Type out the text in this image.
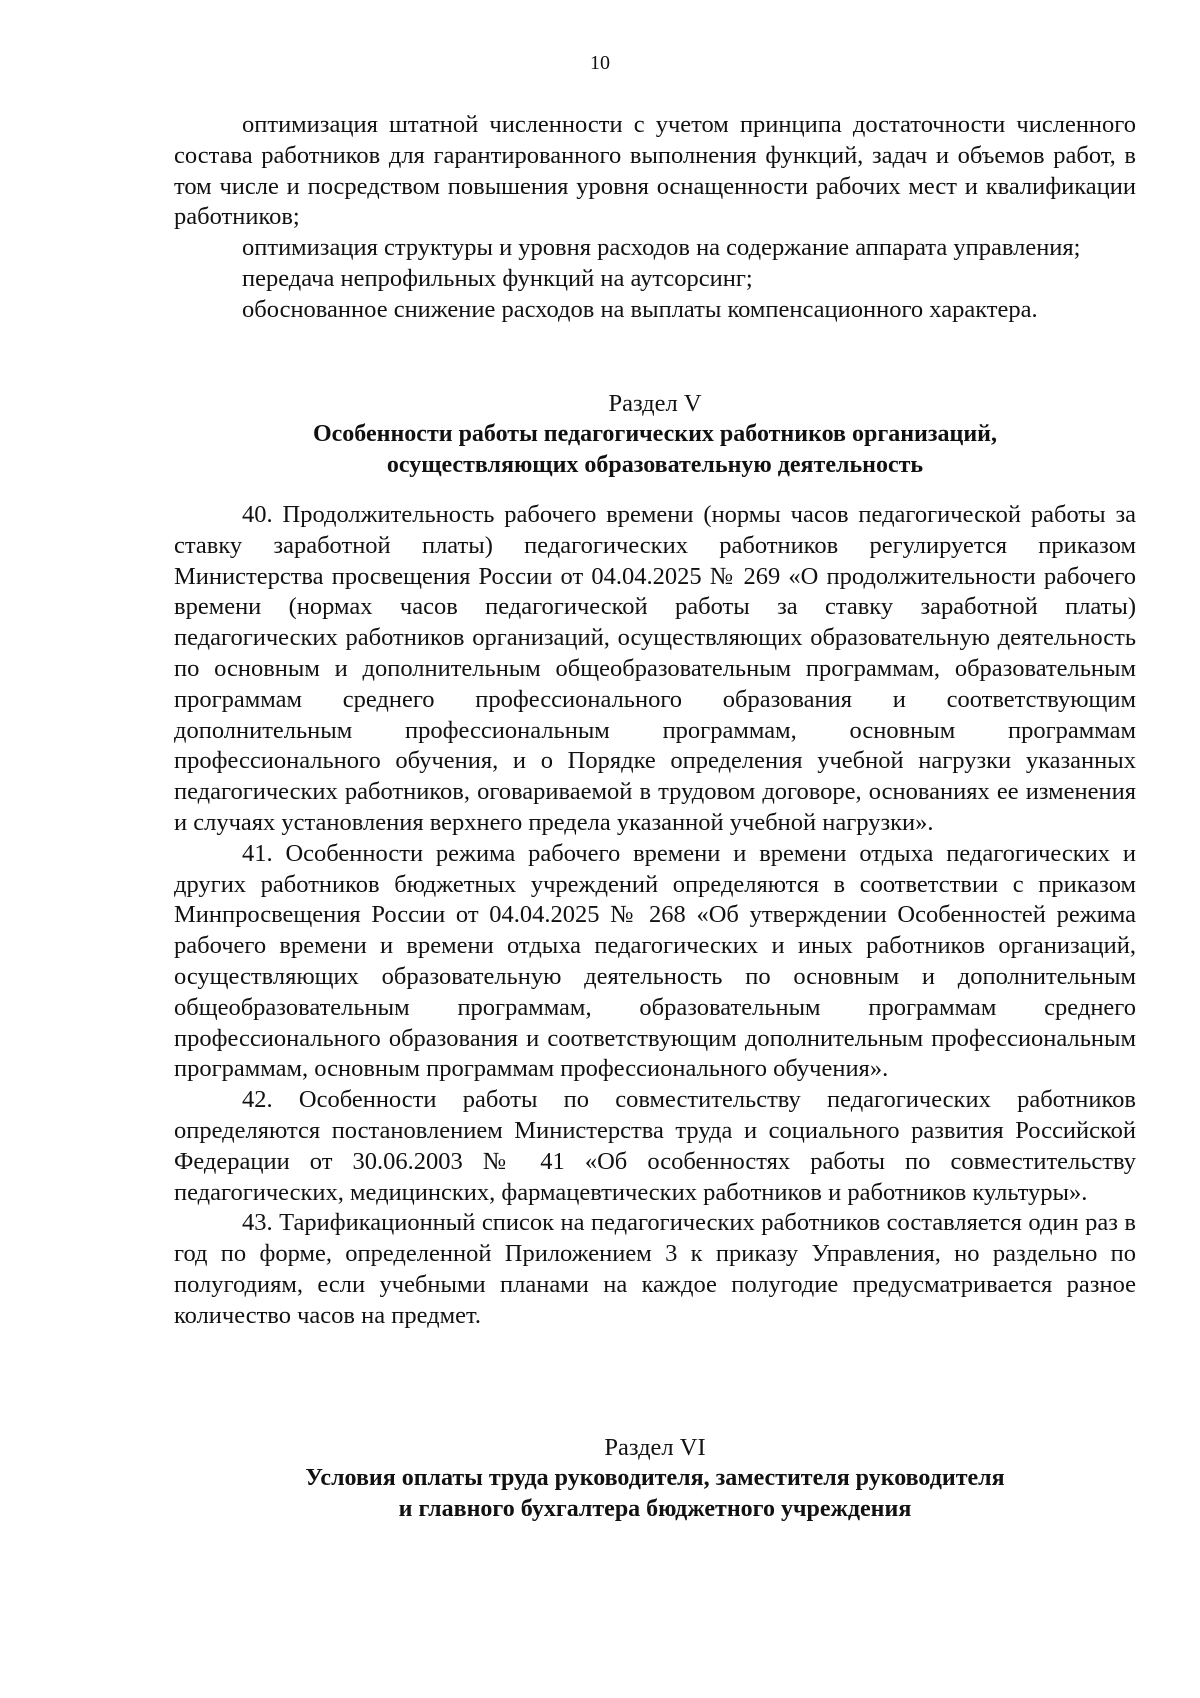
10

оптимизация штатной численности с учетом принципа достаточности численного состава работников для гарантированного выполнения функций, задач и объемов работ, в том числе и посредством повышения уровня оснащенности рабочих мест и квалификации работников;

оптимизация структуры и уровня расходов на содержание аппарата управления;

передача непрофильных функций на аутсорсинг;

обоснованное снижение расходов на выплаты компенсационного характера.

Раздел V

Особенности работы педагогических работников организаций,

осуществляющих образовательную деятельность

40. Продолжительность рабочего времени (нормы часов педагогической работы за ставку заработной платы) педагогических работников регулируется приказом Министерства просвещения России от 04.04.2025 № 269 «О продолжительности рабочего времени (нормах часов педагогической работы за ставку заработной платы) педагогических работников организаций, осуществляющих образовательную деятельность по основным и дополнительным общеобразовательным программам, образовательным программам среднего профессионального образования и соответствующим дополнительным профессиональным программам, основным программам профессионального обучения, и о Порядке определения учебной нагрузки указанных педагогических работников, оговариваемой в трудовом договоре, основаниях ее изменения и случаях установления верхнего предела указанной учебной нагрузки».

41. Особенности режима рабочего времени и времени отдыха педагогических и других работников бюджетных учреждений определяются в соответствии с приказом Минпросвещения России от 04.04.2025 № 268 «Об утверждении Особенностей режима рабочего времени и времени отдыха педагогических и иных работников организаций, осуществляющих образовательную деятельность по основным и дополнительным общеобразовательным программам, образовательным программам среднего профессионального образования и соответствующим дополнительным профессиональным программам, основным программам профессионального обучения».

42. Особенности работы по совместительству педагогических работников определяются постановлением Министерства труда и социального развития Российской Федерации от 30.06.2003 № 41 «Об особенностях работы по совместительству педагогических, медицинских, фармацевтических работников и работников культуры».

43. Тарификационный список на педагогических работников составляется один раз в год по форме, определенной Приложением 3 к приказу Управления, но раздельно по полугодиям, если учебными планами на каждое полугодие предусматривается разное количество часов на предмет.

Раздел VI

Условия оплаты труда руководителя, заместителя руководителя

и главного бухгалтера бюджетного учреждения
